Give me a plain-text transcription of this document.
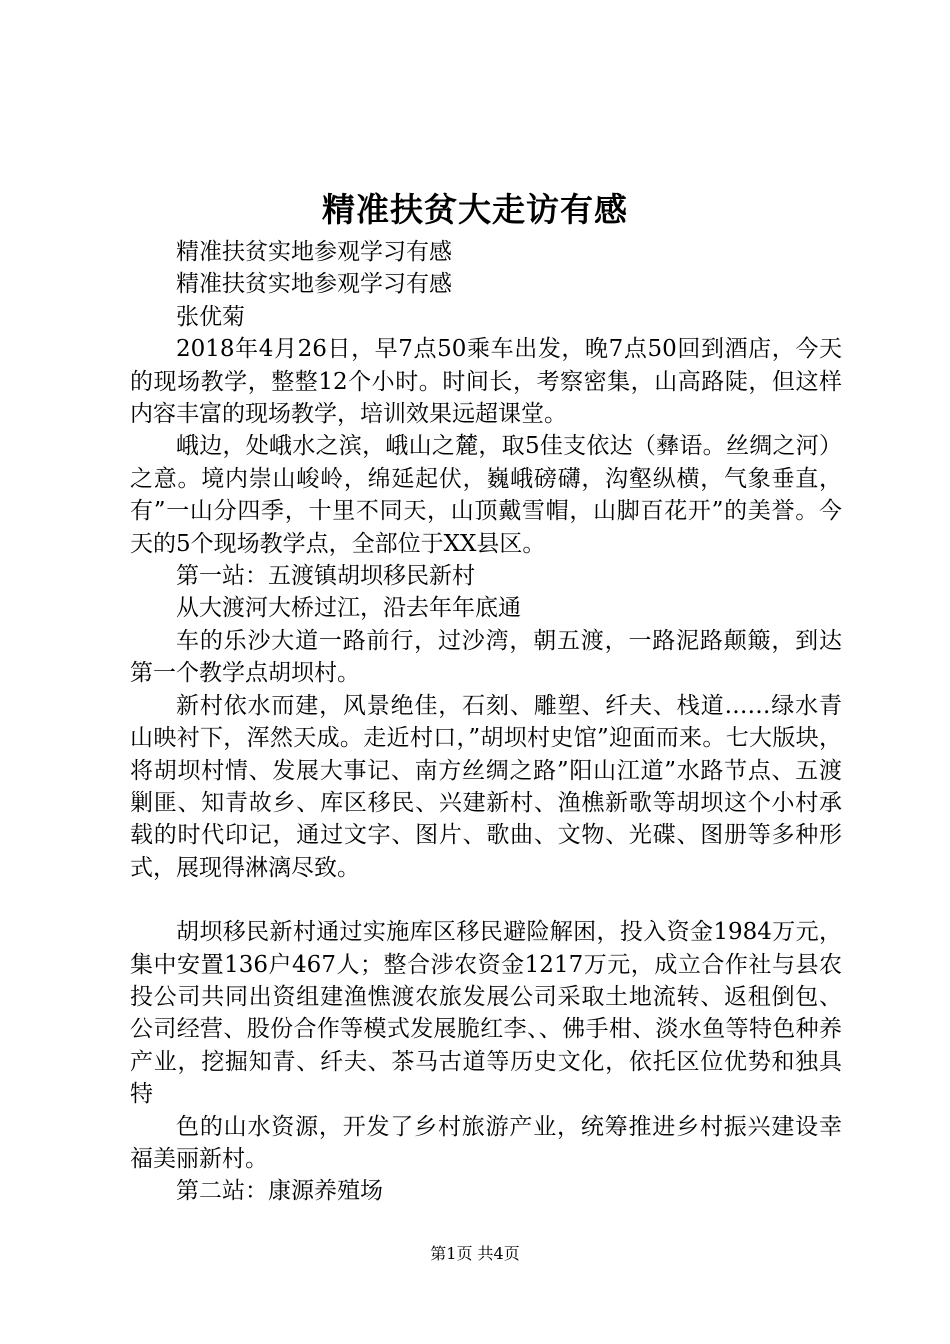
精准扶贫大走访有感

精准扶贫实地参观学习有感

精准扶贫实地参观学习有感

张优菊

2018年4月26日，早7点50乘车出发，晚7点50回到酒店，今天的现场教学，整整12个小时。时间长，考察密集，山高路陡，但这样内容丰富的现场教学，培训效果远超课堂。

峨边，处峨水之滨，峨山之麓，取5佳支依达（彝语。丝绸之河）之意。境内崇山峻岭，绵延起伏，巍峨磅礴，沟壑纵横，气象垂直，有”一山分四季，十里不同天，山顶戴雪帽，山脚百花开”的美誉。今天的5个现场教学点，全部位于XX县区。

第一站：五渡镇胡坝移民新村

从大渡河大桥过江，沿去年年底通

车的乐沙大道一路前行，过沙湾，朝五渡，一路泥路颠簸，到达第一个教学点胡坝村。

新村依水而建，风景绝佳，石刻、雕塑、纤夫、栈道……绿水青山映衬下，浑然天成。走近村口，”胡坝村史馆”迎面而来。七大版块，将胡坝村情、发展大事记、南方丝绸之路”阳山江道”水路节点、五渡剿匪、知青故乡、库区移民、兴建新村、渔樵新歌等胡坝这个小村承载的时代印记，通过文字、图片、歌曲、文物、光碟、图册等多种形式，展现得淋漓尽致。

胡坝移民新村通过实施库区移民避险解困，投入资金1984万元，集中安置136户467人；整合涉农资金1217万元，成立合作社与县农投公司共同出资组建渔憔渡农旅发展公司采取土地流转、返租倒包、公司经营、股份合作等模式发展脆红李、、佛手柑、淡水鱼等特色种养产业，挖掘知青、纤夫、茶马古道等历史文化，依托区位优势和独具特

色的山水资源，开发了乡村旅游产业，统筹推进乡村振兴建设幸福美丽新村。

第二站：康源养殖场

第1页 共4页
